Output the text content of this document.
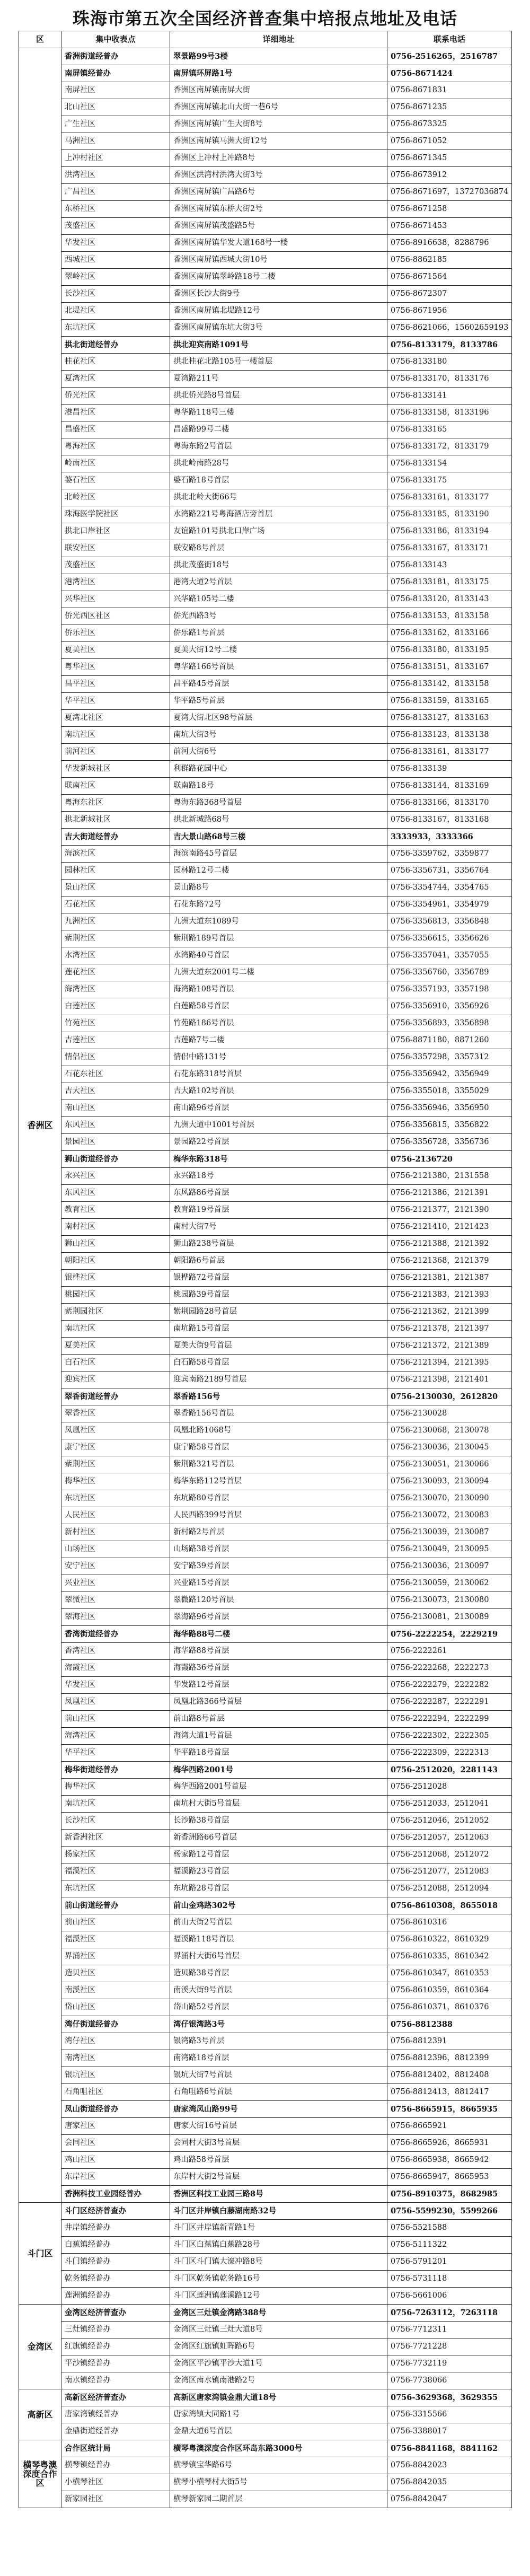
珠海市第五次全国经济普查集中培报点地址及电话
区	集中收表点	详细地址	联系电话
香洲区	香洲街道经普办	翠景路99号3楼	0756-2516265，2516787
	南屏镇经普办	南屏镇环屏路1号	0756-8671424
	南屏社区	香洲区南屏镇南屏大街	0756-8671831
	北山社区	香洲区南屏镇北山大街一巷6号	0756-8671235
	广生社区	香洲区南屏镇广生大街8号	0756-8673325
	马洲社区	香洲区南屏镇马洲大街12号	0756-8671052
	上冲村社区	香洲区上冲村上冲路8号	0756-8671345
	洪湾社区	香洲区洪湾村洪湾大街3号	0756-8673912
	广昌社区	香洲区南屏镇广昌路6号	0756-8671697，13727036874
	东桥社区	香洲区南屏镇东桥大街2号	0756-8671258
	茂盛社区	香洲区南屏镇茂盛路5号	0756-8671453
	华发社区	香洲区南屏镇华发大道168号一楼	0756-8916638，8288796
	西城社区	香洲区南屏镇西城大街10号	0756-8862185
	翠岭社区	香洲区南屏镇翠岭路18号二楼	0756-8671564
	长沙社区	香洲区长沙大街9号	0756-8672307
	北堤社区	香洲区南屏镇北堤路12号	0756-8671956
	东坑社区	香洲区南屏镇东坑大街3号	0756-8621066，15602659193
	拱北街道经普办	拱北迎宾南路1091号	0756-8133179，8133786
	桂花社区	拱北桂花北路105号一楼首层	0756-8133180
	夏湾社区	夏湾路211号	0756-8133170，8133176
	侨光社区	拱北侨光路8号首层	0756-8133141
	港昌社区	粤华路118号三楼	0756-8133158，8133196
	昌盛社区	昌盛路99号二楼	0756-8133165
	粤海社区	粤海东路2号首层	0756-8133172，8133179
	岭南社区	拱北岭南路28号	0756-8133154
	婆石社区	婆石路18号首层	0756-8133175
	北岭社区	拱北北岭大街66号	0756-8133161，8133177
	珠海医学院社区	水湾路221号粤海酒店旁首层	0756-8133185，8133190
	拱北口岸社区	友谊路101号拱北口岸广场	0756-8133186，8133194
	联安社区	联安路8号首层	0756-8133167，8133171
	茂盛社区	拱北茂盛街18号	0756-8133143
	港湾社区	港湾大道2号首层	0756-8133181，8133175
	兴华社区	兴华路105号二楼	0756-8133120，8133143
	侨光西区社区	侨光西路3号	0756-8133153，8133158
	侨乐社区	侨乐路1号首层	0756-8133162，8133166
	夏美社区	夏美大街12号二楼	0756-8133180，8133195
	粤华社区	粤华路166号首层	0756-8133151，8133167
	昌平社区	昌平路45号首层	0756-8133142，8133158
	华平社区	华平路5号首层	0756-8133159，8133165
	夏湾北社区	夏湾大街北区98号首层	0756-8133127，8133163
	南坑社区	南坑大街3号	0756-8133123，8133138
	前河社区	前河大街6号	0756-8133161，8133177
	华发新城社区	利群路花园中心	0756-8133139
	联南社区	联南路18号	0756-8133144，8133169
	粤海东社区	粤海东路368号首层	0756-8133166，8133170
	拱北新城社区	拱北新城路68号	0756-8133167，8133168
	吉大街道经普办	吉大景山路68号三楼	3333933，3333366
	海滨社区	海滨南路45号首层	0756-3359762，3359877
	园林社区	园林路12号二楼	0756-3356731，3356764
	景山社区	景山路8号	0756-3354744，3354765
	石花社区	石花东路72号	0756-3354961，3354979
	九洲社区	九洲大道东1089号	0756-3356813，3356848
	紫荆社区	紫荆路189号首层	0756-3356615，3356626
	水湾社区	水湾路40号首层	0756-3357041，3357055
	莲花社区	九洲大道东2001号二楼	0756-3356760，3356789
	海湾社区	海湾路108号首层	0756-3357193，3357198
	白莲社区	白莲路58号首层	0756-3356910，3356926
	竹苑社区	竹苑路186号首层	0756-3356893，3356898
	吉莲社区	吉莲路7号二楼	0756-8871180，8871260
	情侣社区	情侣中路131号	0756-3357298，3357312
	石花东社区	石花东路318号首层	0756-3356942，3356949
	吉大社区	吉大路102号首层	0756-3355018，3355029
	南山社区	南山路96号首层	0756-3356946，3356950
	东风社区	九洲大道中1001号首层	0756-3356815，3356822
	景园社区	景园路22号首层	0756-3356728，3356736
	狮山街道经普办	梅华东路318号	0756-2136720
	永兴社区	永兴路18号	0756-2121380，2131558
	东风社区	东风路86号首层	0756-2121386，2121391
	教育社区	教育路19号首层	0756-2121377，2121390
	南村社区	南村大街7号	0756-2121410，2121423
	狮山社区	狮山路238号首层	0756-2121388，2121392
	朝阳社区	朝阳路6号首层	0756-2121368，2121379
	银桦社区	银桦路72号首层	0756-2121381，2121387
	桃园社区	桃园路39号首层	0756-2121383，2121393
	紫荆园社区	紫荆园路28号首层	0756-2121362，2121399
	南坑社区	南坑路15号首层	0756-2121378，2121397
	夏美社区	夏美大街9号首层	0756-2121372，2121389
	白石社区	白石路58号首层	0756-2121394，2121395
	迎宾社区	迎宾南路2189号首层	0756-2121398，2121401
	翠香街道经普办	翠香路156号	0756-2130030，2612820
	翠香社区	翠香路156号首层	0756-2130028
	凤凰社区	凤凰北路1068号	0756-2130068，2130078
	康宁社区	康宁路58号首层	0756-2130036，2130045
	紫荆社区	紫荆路321号首层	0756-2130051，2130066
	梅华社区	梅华东路112号首层	0756-2130093，2130094
	东坑社区	东坑路80号首层	0756-2130070，2130090
	人民社区	人民西路399号首层	0756-2130072，2130083
	新村社区	新村路2号首层	0756-2130039，2130087
	山场社区	山场路38号首层	0756-2130049，2130095
	安宁社区	安宁路39号首层	0756-2130036，2130097
	兴业社区	兴业路15号首层	0756-2130059，2130062
	翠微社区	翠微路120号首层	0756-2130073，2130080
	翠海社区	翠海路96号首层	0756-2130081，2130089
	香湾街道经普办	海华路88号二楼	0756-2222254，2229219
	香湾社区	海华路88号首层	0756-2222261
	海霞社区	海霞路36号首层	0756-2222268，2222273
	华发社区	华发路12号首层	0756-2222279，2222282
	凤凰社区	凤凰北路366号首层	0756-2222287，2222291
	前山社区	前山路8号首层	0756-2222294，2222299
	海湾社区	海湾大道1号首层	0756-2222302，2222305
	华平社区	华平路18号首层	0756-2222309，2222313
	梅华街道经普办	梅华西路2001号	0756-2512020，2281143
	梅华社区	梅华西路2001号首层	0756-2512028
	南坑社区	南坑村大街5号首层	0756-2512033，2512041
	长沙社区	长沙路38号首层	0756-2512046，2512052
	新香洲社区	新香洲路66号首层	0756-2512057，2512063
	杨家社区	杨家路12号首层	0756-2512068，2512072
	福溪社区	福溪路23号首层	0756-2512077，2512083
	东坑社区	东坑路28号首层	0756-2512088，2512094
	前山街道经普办	前山金鸡路302号	0756-8610308，8655018
	前山社区	前山大街2号首层	0756-8610316
	福溪社区	福溪路118号首层	0756-8610322，8610329
	界涌社区	界涌村大街6号首层	0756-8610335，8610342
	造贝社区	造贝路38号首层	0756-8610347，8610353
	南溪社区	南溪大街9号首层	0756-8610359，8610364
	岱山社区	岱山路52号首层	0756-8610371，8610376
	湾仔街道经普办	湾仔银湾路3号	0756-8812388
	湾仔社区	银湾路3号首层	0756-8812391
	南湾社区	南湾路18号首层	0756-8812396，8812399
	银坑社区	银坑大街7号首层	0756-8812402，8812408
	石角咀社区	石角咀路6号首层	0756-8812413，8812417
	凤山街道经普办	唐家湾凤山路99号	0756-8665915，8665935
	唐家社区	唐家大街16号首层	0756-8665921
	会同社区	会同村大街3号首层	0756-8665926，8665931
	鸡山社区	鸡山路58号首层	0756-8665938，8665942
	东岸社区	东岸村大街2号首层	0756-8665947，8665953
	香洲科技工业园经普办	香洲区科技工业园三路8号	0756-8910375，8682985
斗门区	斗门区经济普查办	斗门区井岸镇白藤湖南路32号	0756-5599230，5599266
	井岸镇经普办	斗门区井岸镇新青路1号	0756-5521588
	白蕉镇经普办	斗门区白蕉镇白蕉路28号	0756-5111322
	斗门镇经普办	斗门区斗门镇大濠冲路8号	0756-5791201
	乾务镇经普办	斗门区乾务镇乾务路16号	0756-5731118
	莲洲镇经普办	斗门区莲洲镇莲溪路12号	0756-5661006
金湾区	金湾区经济普查办	金湾区三灶镇金湾路388号	0756-7263112，7263118
	三灶镇经普办	金湾区三灶镇三灶大道8号	0756-7712311
	红旗镇经普办	金湾区红旗镇虹晖路6号	0756-7721228
	平沙镇经普办	金湾区平沙镇平沙大道1号	0756-7732119
	南水镇经普办	金湾区南水镇南港路2号	0756-7738066
高新区	高新区经济普查办	高新区唐家湾镇金鼎大道18号	0756-3629368，3629355
	唐家湾镇经普办	唐家湾镇大同路1号	0756-3315566
	金鼎街道经普办	金鼎大道6号首层	0756-3388017
横琴粤澳深度合作区	合作区统计局	横琴粤澳深度合作区环岛东路3000号	0756-8841168，8841162
	横琴镇经普办	横琴镇宝华路6号	0756-8842023
	小横琴社区	横琴小横琴村大街5号	0756-8842035
	新家园社区	横琴新家园二期首层	0756-8842047
